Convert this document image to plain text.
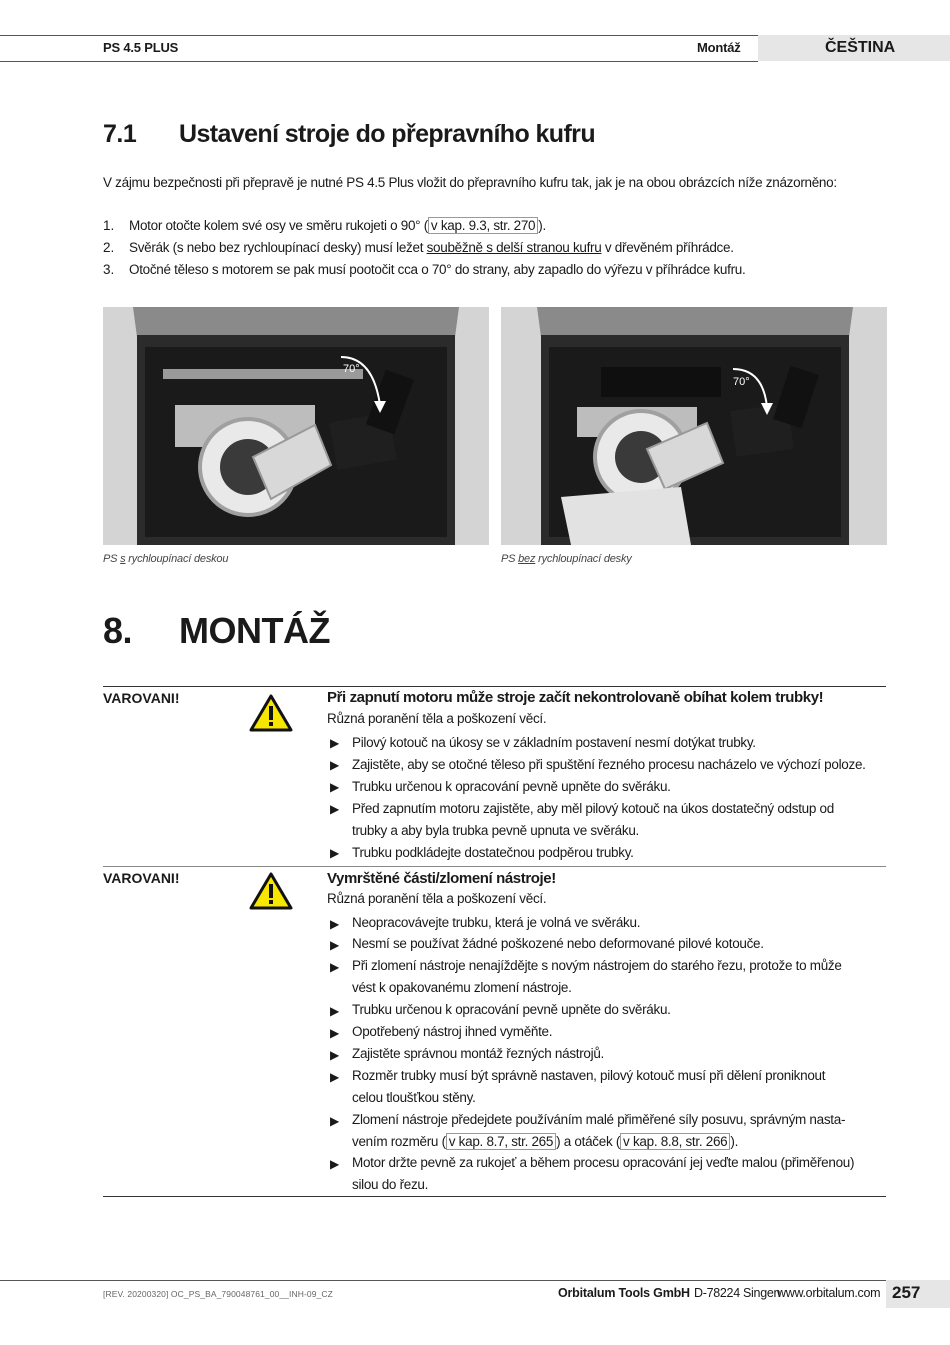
PS 4.5 PLUS	Montáž	ČEŠTINA
7.1 Ustavení stroje do přepravního kufru
V zájmu bezpečnosti při přepravě je nutné PS 4.5 Plus vložit do přepravního kufru tak, jak je na obou obrázcích níže znázorněno:
1. Motor otočte kolem své osy ve směru rukojeti o 90° ( v kap. 9.3, str. 270 ).
2. Svěrák (s nebo bez rychloupínací desky) musí ležet souběžně s delší stranou kufru v dřevěném příhrádce.
3. Otočné těleso s motorem se pak musí pootočit cca o 70° do strany, aby zapadlo do výřezu v příhrádce kufru.
70°
PS s rychloupínací deskou
70°
PS bez rychloupínací desky
8. MONTÁŽ
VAROVANI!	Při zapnutí motoru může stroje začít nekontrolovaně obíhat kolem trubky!
Různá poranění těla a poškození věcí.
▶ Pilový kotouč na úkosy se v základním postavení nesmí dotýkat trubky.
▶ Zajistěte, aby se otočné těleso při spuštění řezného procesu nacházelo ve výchozí poloze.
▶ Trubku určenou k opracování pevně upněte do svěráku.
▶ Před zapnutím motoru zajistěte, aby měl pilový kotouč na úkos dostatečný odstup od
trubky a aby byla trubka pevně upnuta ve svěráku.
▶ Trubku podkládejte dostatečnou podpěrou trubky.
VAROVANI!	Vymrštěné části/zlomení nástroje!
Různá poranění těla a poškození věcí.
▶ Neopracovávejte trubku, která je volná ve svěráku.
▶ Nesmí se používat žádné poškozené nebo deformované pilové kotouče.
▶ Při zlomení nástroje nenajíždějte s novým nástrojem do starého řezu, protože to může
vést k opakovanému zlomení nástroje.
▶ Trubku určenou k opracování pevně upněte do svěráku.
▶ Opotřebený nástroj ihned vyměňte.
▶ Zajistěte správnou montáž řezných nástrojů.
▶ Rozměr trubky musí být správně nastaven, pilový kotouč musí při dělení proniknout
celou tloušťkou stěny.
▶ Zlomení nástroje předejdete používáním malé přiměřené síly posuvu, správným nasta-
vením rozměru ( v kap. 8.7, str. 265 ) a otáček ( v kap. 8.8, str. 266 ).
▶ Motor držte pevně za rukojeť a během procesu opracování jej veďte malou (přiměřenou)
silou do řezu.
[REV. 20200320] OC_PS_BA_790048761_00__INH-09_CZ	Orbitalum Tools GmbH D-78224 Singen
www.orbitalum.com 257
